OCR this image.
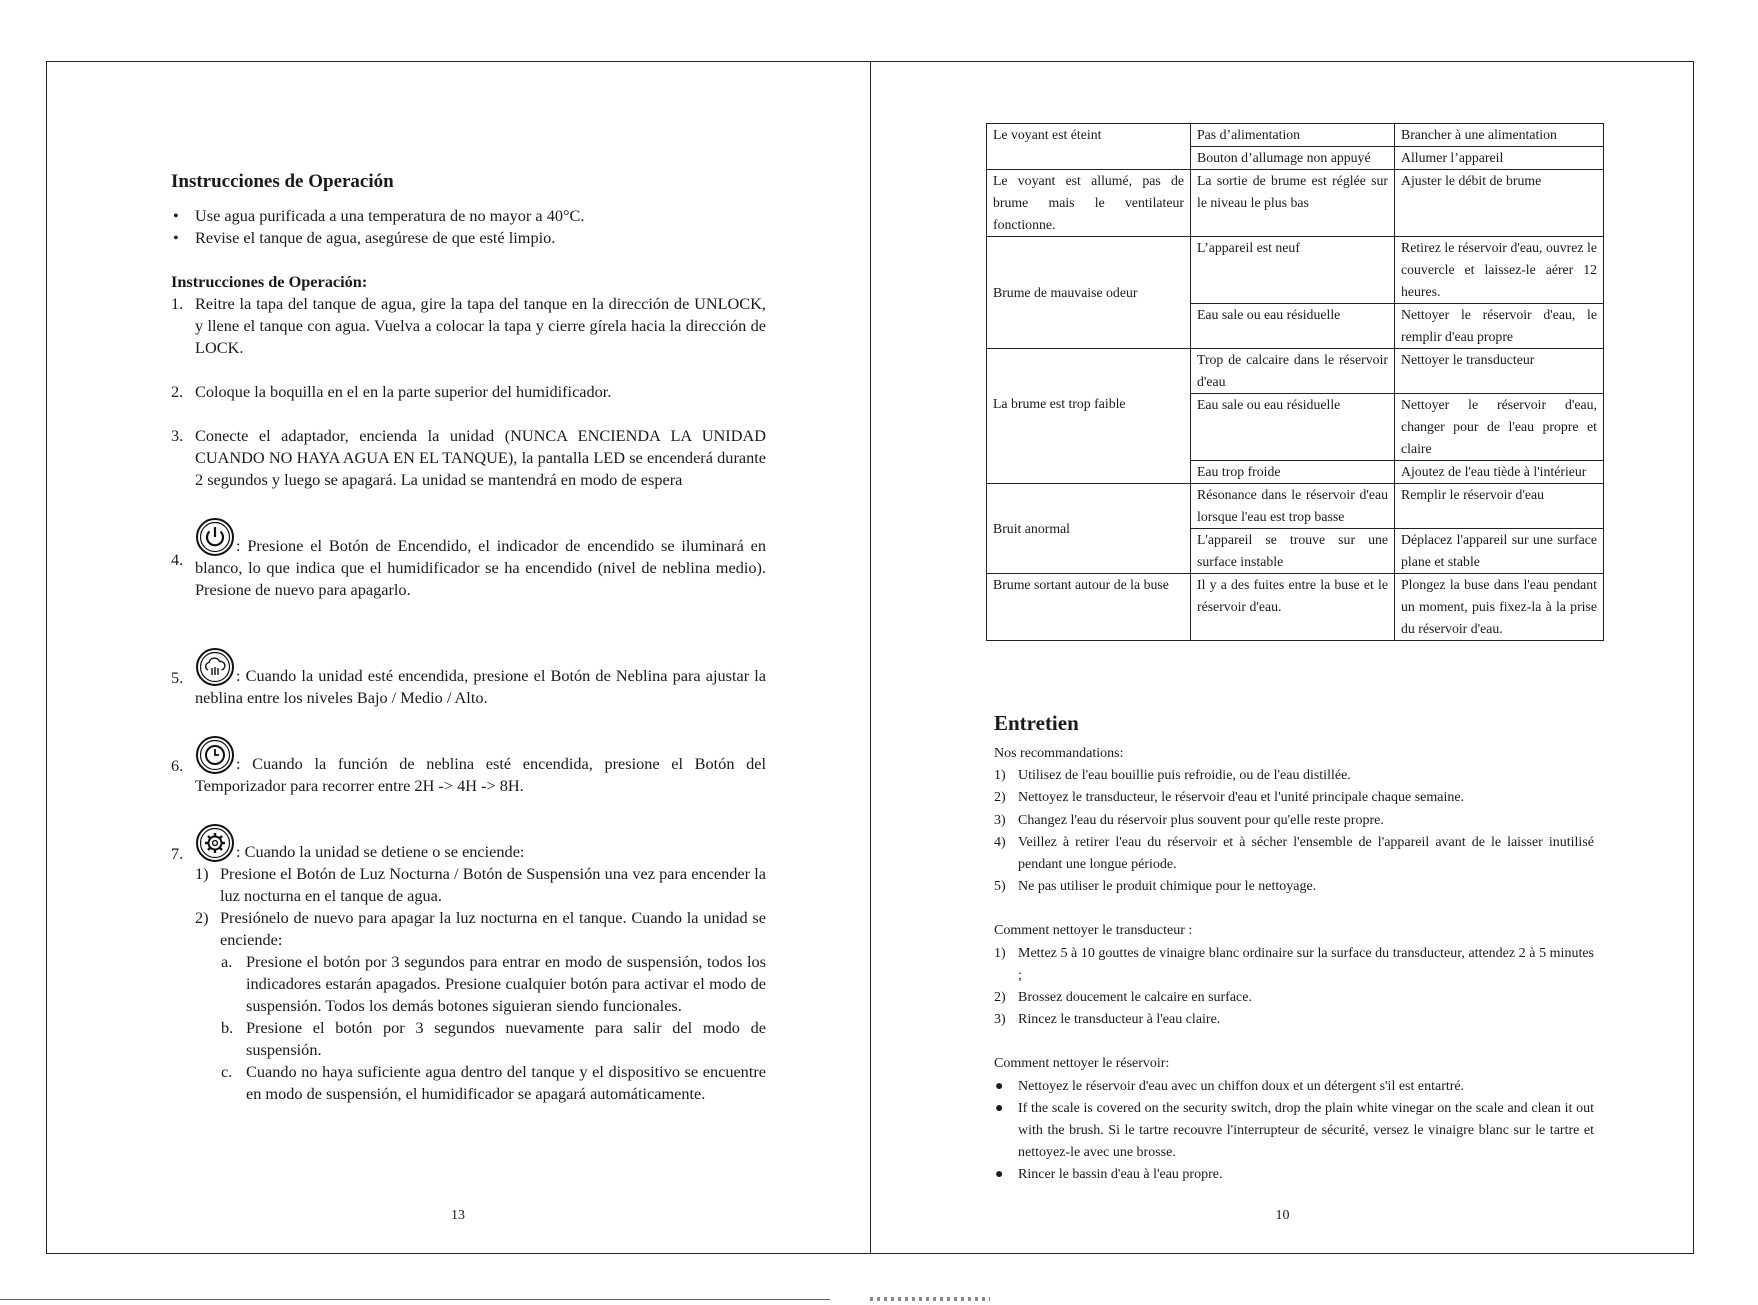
Instrucciones de Operación
• Use agua purificada a una temperatura de no mayor a 40°C.
• Revise el tanque de agua, asegúrese de que esté limpio.
Instrucciones de Operación:
1. Reitre la tapa del tanque de agua, gire la tapa del tanque en la dirección de UNLOCK, y llene el tanque con agua. Vuelva a colocar la tapa y cierre gírela hacia la dirección de LOCK.
2. Coloque la boquilla en el en la parte superior del humidificador.
3. Conecte el adaptador, encienda la unidad (NUNCA ENCIENDA LA UNIDAD CUANDO NO HAYA AGUA EN EL TANQUE), la pantalla LED se encenderá durante 2 segundos y luego se apagará. La unidad se mantendrá en modo de espera
4.
: Presione el Botón de Encendido, el indicador de encendido se iluminará en blanco, lo que indica que el humidificador se ha encendido (nivel de neblina medio). Presione de nuevo para apagarlo.
5.	: Cuando la unidad esté encendida, presione el Botón de Neblina para ajustar la neblina entre los niveles Bajo / Medio / Alto.
6.	: Cuando la función de neblina esté encendida, presione el Botón del Temporizador para recorrer entre 2H -> 4H -> 8H.
7.	: Cuando la unidad se detiene o se enciende:
1) Presione el Botón de Luz Nocturna / Botón de Suspensión una vez para encender la luz nocturna en el tanque de agua.
2) Presiónelo de nuevo para apagar la luz nocturna en el tanque. Cuando la unidad se enciende:
a. Presione el botón por 3 segundos para entrar en modo de suspensión, todos los indicadores estarán apagados. Presione cualquier botón para activar el modo de suspensión. Todos los demás botones siguieran siendo funcionales.
b. Presione el botón por 3 segundos nuevamente para salir del modo de suspensión.
c. Cuando no haya suficiente agua dentro del tanque y el dispositivo se encuentre en modo de suspensión, el humidificador se apagará automáticamente.
13
Le voyant est éteint	Pas d’alimentation	Brancher à une alimentation
	Bouton d’allumage non appuyé	Allumer l’appareil
Le voyant est allumé, pas de brume mais le ventilateur fonctionne.	La sortie de brume est réglée sur le niveau le plus bas	Ajuster le débit de brume
Brume de mauvaise odeur	L’appareil est neuf	Retirez le réservoir d'eau, ouvrez le couvercle et laissez-le aérer 12 heures.
	Eau sale ou eau résiduelle	Nettoyer le réservoir d'eau, le remplir d'eau propre
La brume est trop faible	Trop de calcaire dans le réservoir d'eau	Nettoyer le transducteur
	Eau sale ou eau résiduelle	Nettoyer le réservoir d'eau, changer pour de l'eau propre et claire
	Eau trop froide	Ajoutez de l'eau tiède à l'intérieur
Bruit anormal	Résonance dans le réservoir d'eau lorsque l'eau est trop basse	Remplir le réservoir d'eau
	L'appareil se trouve sur une surface instable	Déplacez l'appareil sur une surface plane et stable
Brume sortant autour de la buse	Il y a des fuites entre la buse et le réservoir d'eau.	Plongez la buse dans l'eau pendant un moment, puis fixez-la à la prise du réservoir d'eau.
Entretien
Nos recommandations:
1) Utilisez de l'eau bouillie puis refroidie, ou de l'eau distillée.
2) Nettoyez le transducteur, le réservoir d'eau et l'unité principale chaque semaine.
3) Changez l'eau du réservoir plus souvent pour qu'elle reste propre.
4) Veillez à retirer l'eau du réservoir et à sécher l'ensemble de l'appareil avant de le laisser inutilisé pendant une longue période.
5) Ne pas utiliser le produit chimique pour le nettoyage.
Comment nettoyer le transducteur :
1) Mettez 5 à 10 gouttes de vinaigre blanc ordinaire sur la surface du transducteur, attendez 2 à 5 minutes ;
2) Brossez doucement le calcaire en surface.
3) Rincez le transducteur à l'eau claire.
Comment nettoyer le réservoir:
● Nettoyez le réservoir d'eau avec un chiffon doux et un détergent s'il est entartré.
● If the scale is covered on the security switch, drop the plain white vinegar on the scale and clean it out with the brush. Si le tartre recouvre l'interrupteur de sécurité, versez le vinaigre blanc sur le tartre et nettoyez-le avec une brosse.
● Rincer le bassin d'eau à l'eau propre.
10
